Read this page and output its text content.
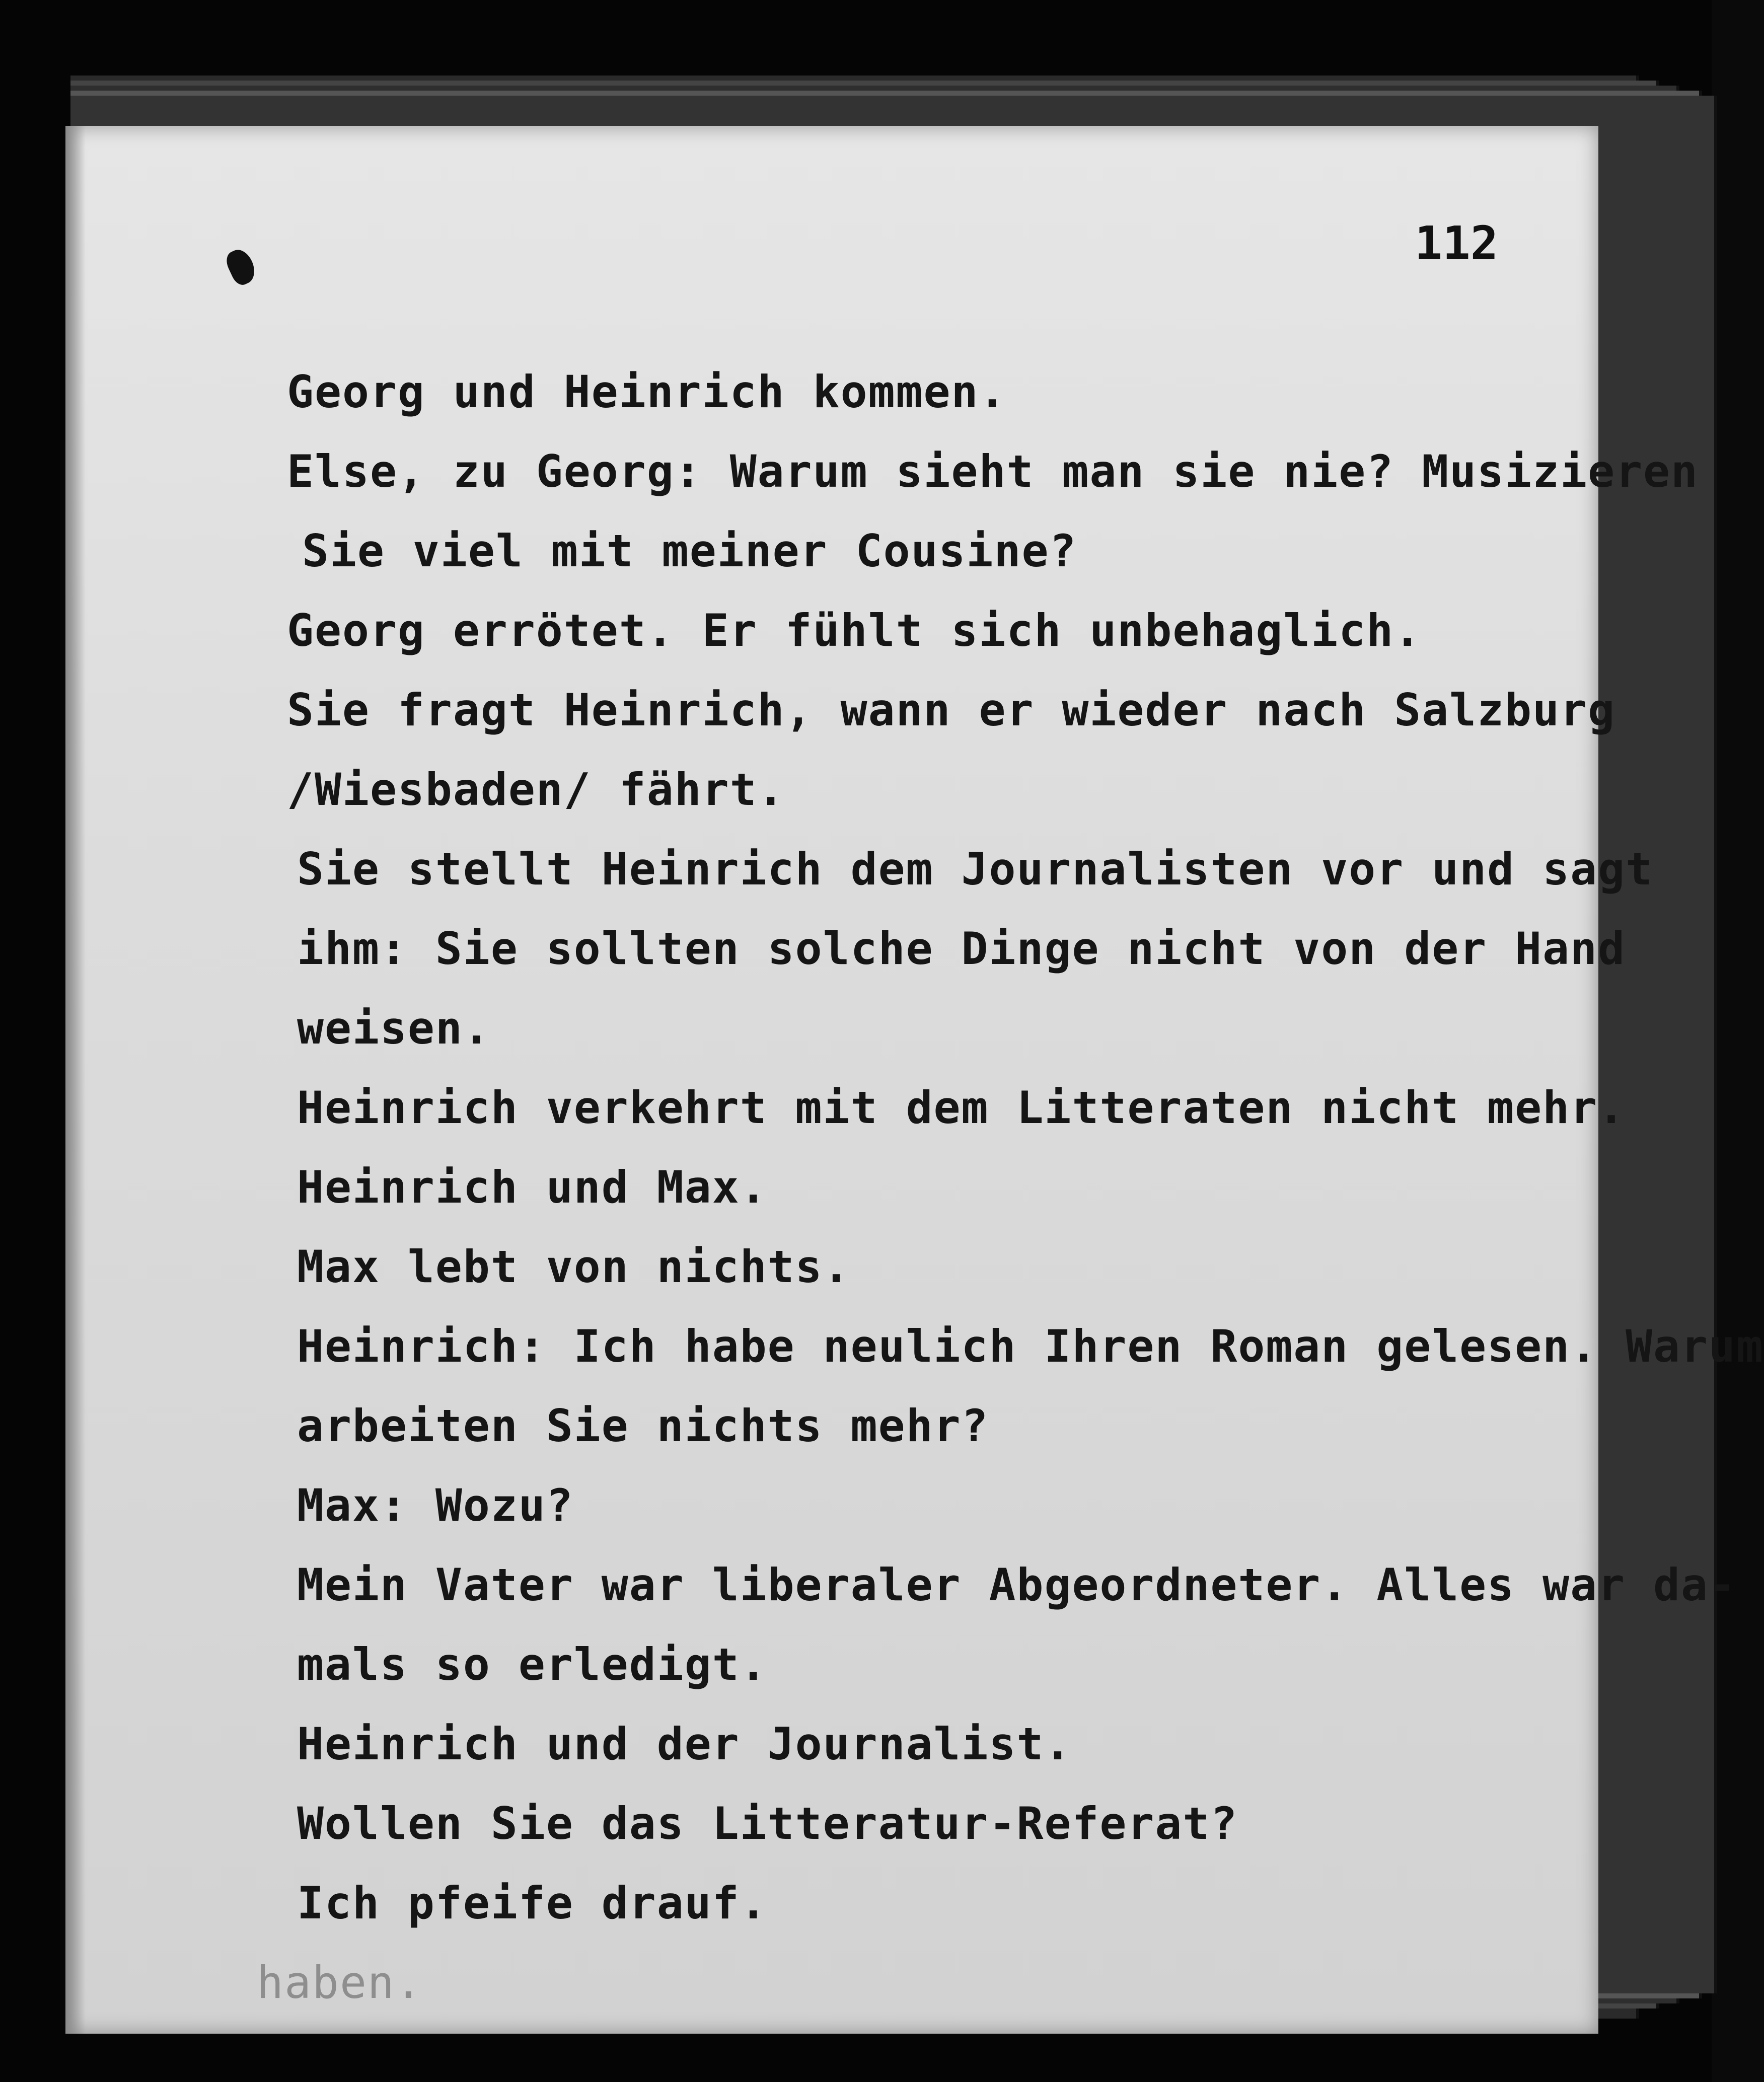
112
Georg und Heinrich kommen.
Else, zu Georg: Warum sieht man sie nie? Musizieren
Sie viel mit meiner Cousine?
Georg errötet. Er fühlt sich unbehaglich.
Sie fragt Heinrich, wann er wieder nach Salzburg
/Wiesbaden/ fährt.
Sie stellt Heinrich dem Journalisten vor und sagt
ihm: Sie sollten solche Dinge nicht von der Hand
weisen.
Heinrich verkehrt mit dem Litteraten nicht mehr.
Heinrich und Max.
Max lebt von nichts.
Heinrich: Ich habe neulich Ihren Roman gelesen. Warum
arbeiten Sie nichts mehr?
Max: Wozu?
Mein Vater war liberaler Abgeordneter. Alles war da-
mals so erledigt.
Heinrich und der Journalist.
Wollen Sie das Litteratur-Referat?
Ich pfeife drauf.
haben.
